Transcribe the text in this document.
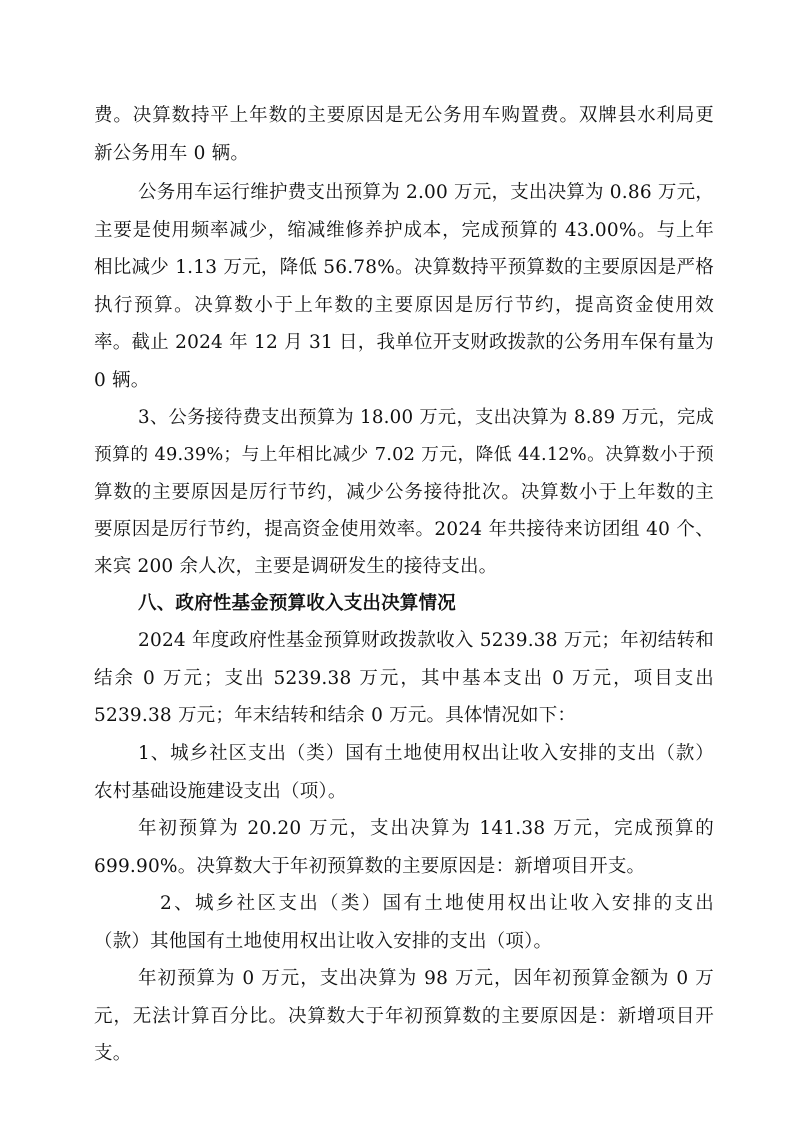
费。决算数持平上年数的主要原因是无公务用车购置费。双牌县水利局更
新公务用车 0 辆。
公务用车运行维护费支出预算为 2.00 万元，支出决算为 0.86 万元，
主要是使用频率减少，缩减维修养护成本，完成预算的 43.00%。与上年
相比减少 1.13 万元，降低 56.78%。决算数持平预算数的主要原因是严格
执行预算。决算数小于上年数的主要原因是厉行节约，提高资金使用效
率。截止 2024 年 12 月 31 日，我单位开支财政拨款的公务用车保有量为
0 辆。
3、公务接待费支出预算为 18.00 万元，支出决算为 8.89 万元，完成
预算的 49.39%；与上年相比减少 7.02 万元，降低 44.12%。决算数小于预
算数的主要原因是厉行节约，减少公务接待批次。决算数小于上年数的主
要原因是厉行节约，提高资金使用效率。2024 年共接待来访团组 40 个、
来宾 200 余人次，主要是调研发生的接待支出。
八、政府性基金预算收入支出决算情况
2024 年度政府性基金预算财政拨款收入 5239.38 万元；年初结转和
结余 0 万元；支出 5239.38 万元，其中基本支出 0 万元，项目支出
5239.38 万元；年末结转和结余 0 万元。具体情况如下：
1、城乡社区支出（类）国有土地使用权出让收入安排的支出（款）
农村基础设施建设支出（项）。
年初预算为 20.20 万元，支出决算为 141.38 万元，完成预算的
699.90%。决算数大于年初预算数的主要原因是：新增项目开支。
2、城乡社区支出（类）国有土地使用权出让收入安排的支出
（款）其他国有土地使用权出让收入安排的支出（项）。
年初预算为 0 万元，支出决算为 98 万元，因年初预算金额为 0 万
元，无法计算百分比。决算数大于年初预算数的主要原因是：新增项目开
支。
